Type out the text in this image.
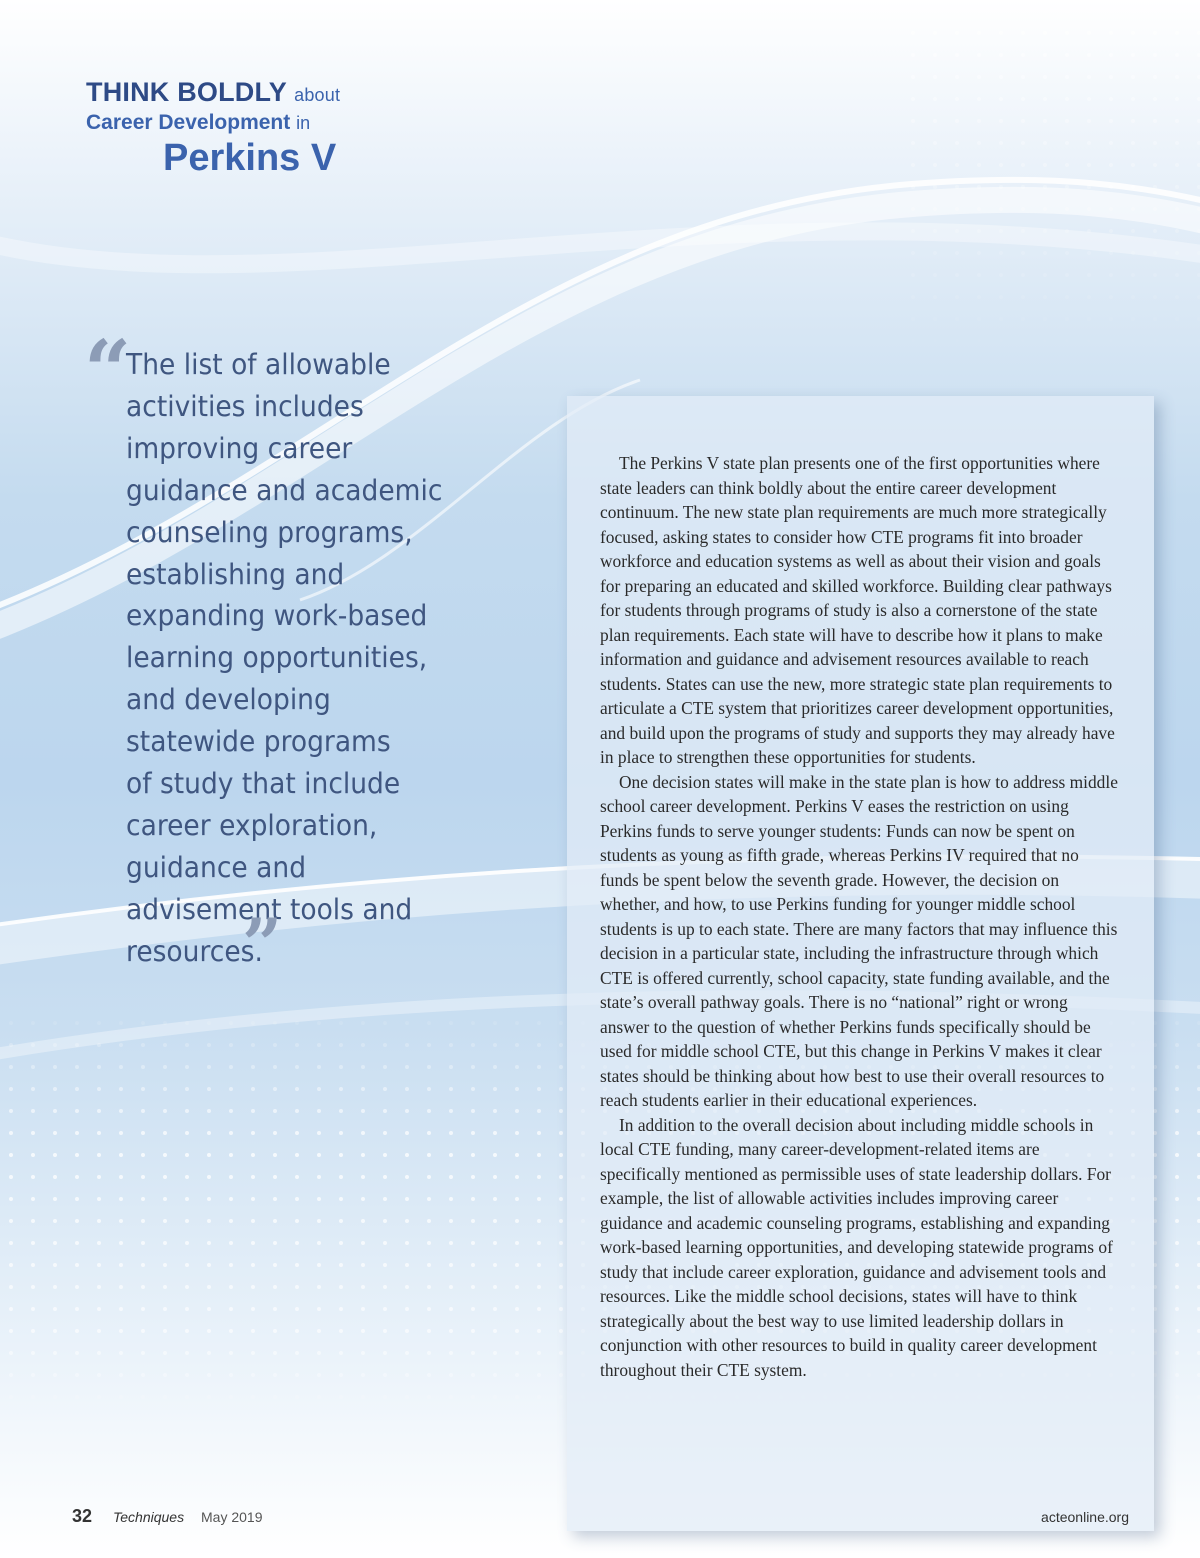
THINK BOLDLY about
Career Development in
Perkins V
“
The list of allowable
activities includes
improving career
guidance and academic
counseling programs,
establishing and
expanding work-based
learning opportunities,
and developing
statewide programs
of study that include
career exploration,
guidance and
advisement tools and
resources.
”

The Perkins V state plan presents one of the first opportunities where state leaders can think boldly about the entire career development continuum. The new state plan requirements are much more strategically focused, asking states to consider how CTE programs fit into broader workforce and education systems as well as about their vision and goals for preparing an educated and skilled workforce. Building clear pathways for students through programs of study is also a cornerstone of the state plan requirements. Each state will have to describe how it plans to make information and guidance and advisement resources available to reach students. States can use the new, more strategic state plan requirements to articulate a CTE system that prioritizes career development opportunities, and build upon the programs of study and supports they may already have in place to strengthen these opportunities for students.

One decision states will make in the state plan is how to address middle school career development. Perkins V eases the restriction on using Perkins funds to serve younger students: Funds can now be spent on students as young as fifth grade, whereas Perkins IV required that no funds be spent below the seventh grade. However, the decision on whether, and how, to use Perkins funding for younger middle school students is up to each state. There are many factors that may influence this decision in a particular state, including the infrastructure through which CTE is offered currently, school capacity, state funding available, and the state’s overall pathway goals. There is no “national” right or wrong answer to the question of whether Perkins funds specifically should be used for middle school CTE, but this change in Perkins V makes it clear states should be thinking about how best to use their overall resources to reach students earlier in their educational experiences.

In addition to the overall decision about including middle schools in local CTE funding, many career-development-related items are specifically mentioned as permissible uses of state leadership dollars. For example, the list of allowable activities includes improving career guidance and academic counseling programs, establishing and expanding work-based learning opportunities, and developing statewide programs of study that include career exploration, guidance and advisement tools and resources. Like the middle school decisions, states will have to think strategically about the best way to use limited leadership dollars in conjunction with other resources to build in quality career development throughout their CTE system.

32 Techniques May 2019	acteonline.org
